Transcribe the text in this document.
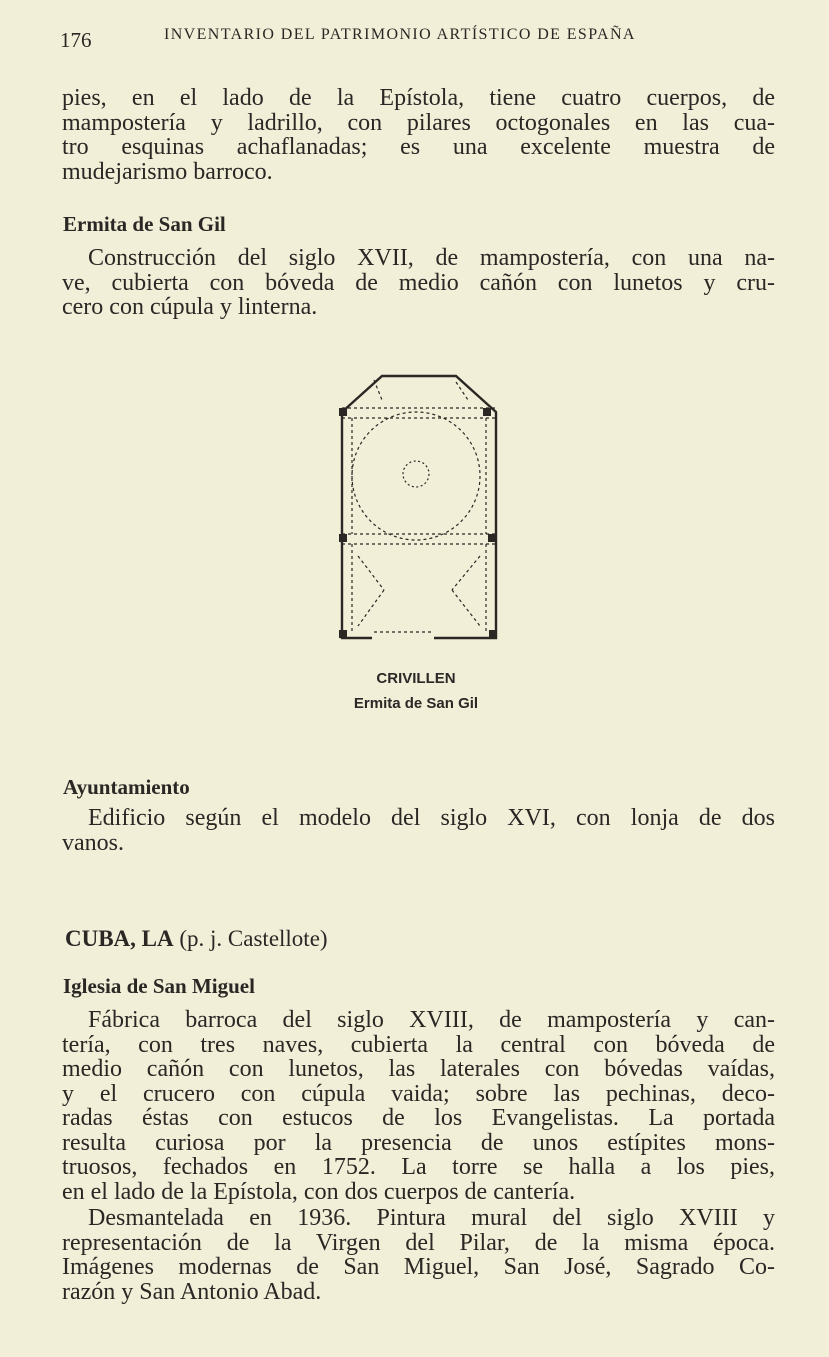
176	INVENTARIO DEL PATRIMONIO ARTÍSTICO DE ESPAÑA
pies, en el lado de la Epístola, tiene cuatro cuerpos, de
mampostería y ladrillo, con pilares octogonales en las cua-
tro esquinas achaflanadas; es una excelente muestra de
mudejarismo barroco.
Ermita de San Gil
Construcción del siglo XVII, de mampostería, con una na-
ve, cubierta con bóveda de medio cañón con lunetos y cru-
cero con cúpula y linterna.
CRIVILLEN
Ermita de San Gil
Ayuntamiento
Edificio según el modelo del siglo XVI, con lonja de dos
vanos.
CUBA, LA (p. j. Castellote)
Iglesia de San Miguel
Fábrica barroca del siglo XVIII, de mampostería y can-
tería, con tres naves, cubierta la central con bóveda de
medio cañón con lunetos, las laterales con bóvedas vaídas,
y el crucero con cúpula vaida; sobre las pechinas, deco-
radas éstas con estucos de los Evangelistas. La portada
resulta curiosa por la presencia de unos estípites mons-
truosos, fechados en 1752. La torre se halla a los pies,
en el lado de la Epístola, con dos cuerpos de cantería.
Desmantelada en 1936. Pintura mural del siglo XVIII y
representación de la Virgen del Pilar, de la misma época.
Imágenes modernas de San Miguel, San José, Sagrado Co-
razón y San Antonio Abad.
